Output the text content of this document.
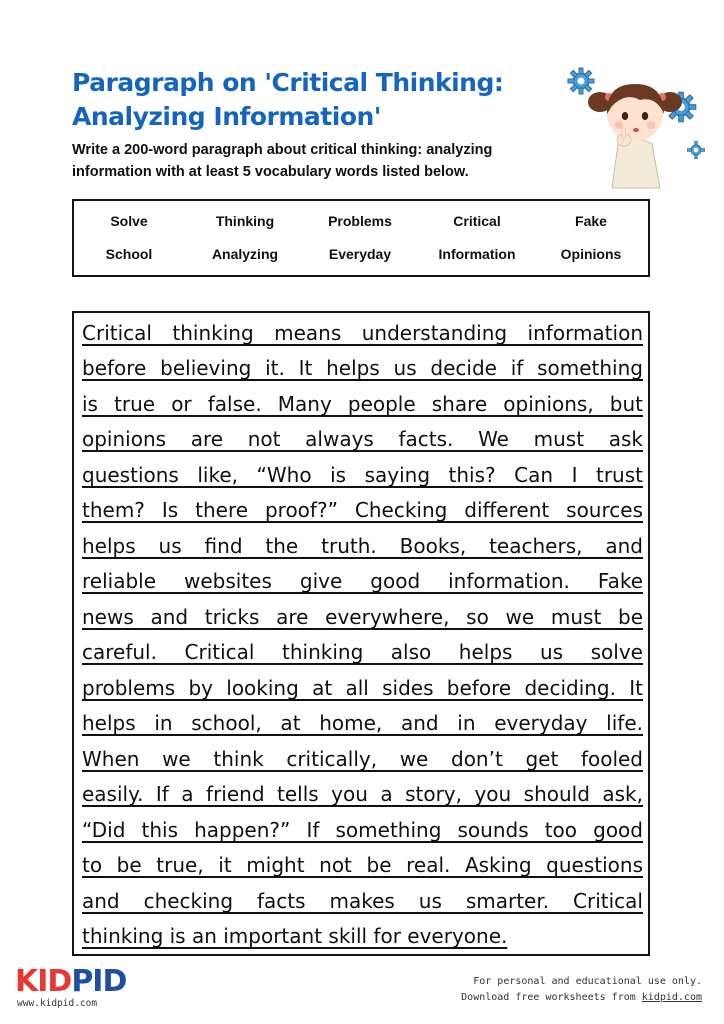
Paragraph on 'Critical Thinking: Analyzing Information'
Write a 200-word paragraph about critical thinking: analyzing information with at least 5 vocabulary words listed below.
Solve	Thinking	Problems	Critical	Fake
School	Analyzing	Everyday	Information	Opinions
Critical thinking means understanding information
before believing it. It helps us decide if something
is true or false. Many people share opinions, but
opinions are not always facts. We must ask
questions like, “Who is saying this? Can I trust
them? Is there proof?” Checking different sources
helps us find the truth. Books, teachers, and
reliable websites give good information. Fake
news and tricks are everywhere, so we must be
careful. Critical thinking also helps us solve
problems by looking at all sides before deciding. It
helps in school, at home, and in everyday life.
When we think critically, we don’t get fooled
easily. If a friend tells you a story, you should ask,
“Did this happen?” If something sounds too good
to be true, it might not be real. Asking questions
and checking facts makes us smarter. Critical
thinking is an important skill for everyone.
KIDPID
www.kidpid.com
For personal and educational use only.
Download free worksheets from kidpid.com
